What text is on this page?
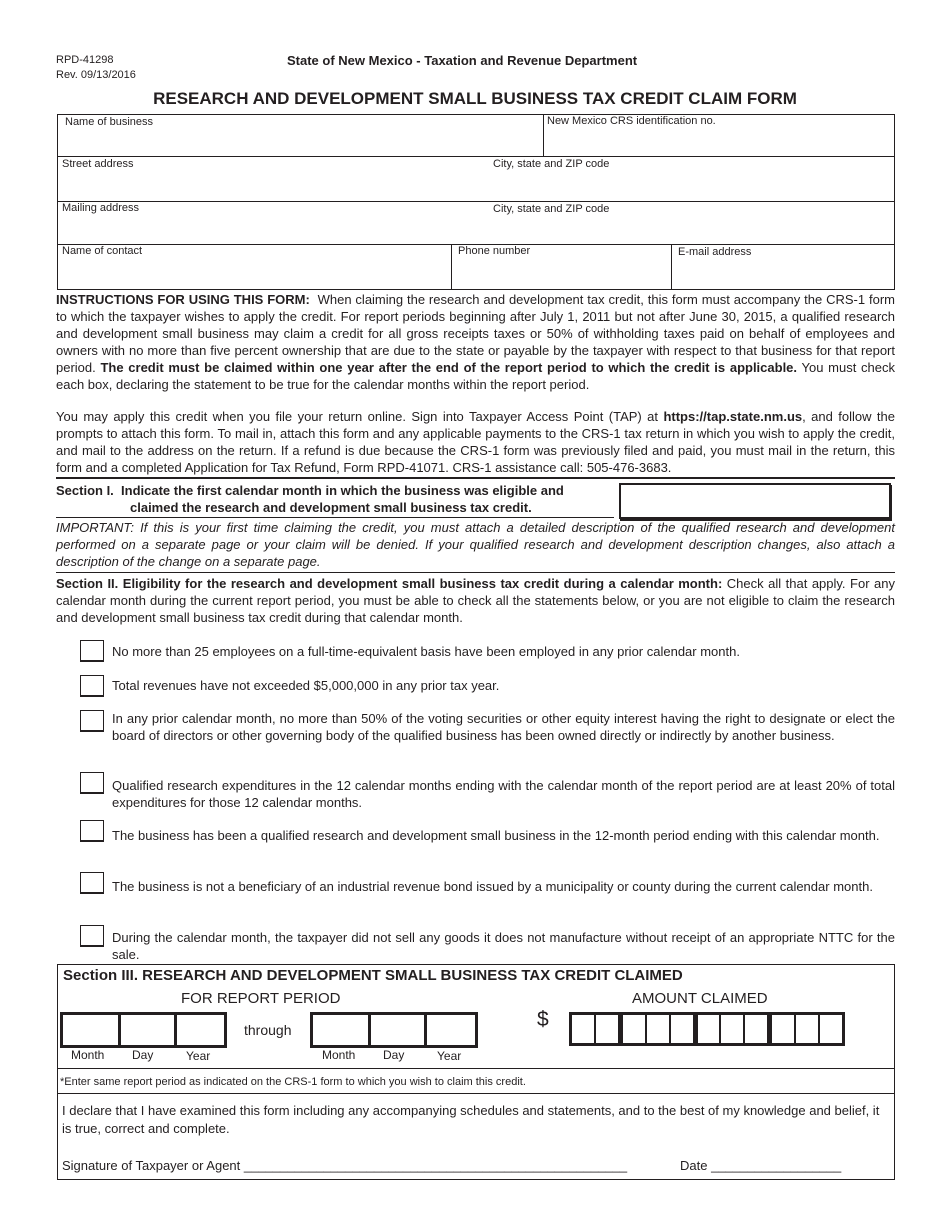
RPD-41298
Rev. 09/13/2016
State of New Mexico - Taxation and Revenue Department
RESEARCH AND DEVELOPMENT SMALL BUSINESS TAX CREDIT CLAIM FORM
Name of business	New Mexico CRS identification no.
Street address	City, state and ZIP code
Mailing address	City, state and ZIP code
Name of contact	Phone number	E-mail address

INSTRUCTIONS FOR USING THIS FORM: When claiming the research and development tax credit, this form must accompany the CRS-1 form to which the taxpayer wishes to apply the credit. For report periods beginning after July 1, 2011 but not after June 30, 2015, a qualified research and development small business may claim a credit for all gross receipts taxes or 50% of withholding taxes paid on behalf of employees and owners with no more than five percent ownership that are due to the state or payable by the taxpayer with respect to that business for that report period. The credit must be claimed within one year after the end of the report period to which the credit is applicable. You must check each box, declaring the statement to be true for the calendar months within the report period.

You may apply this credit when you file your return online. Sign into Taxpayer Access Point (TAP) at https://tap.state.nm.us, and follow the prompts to attach this form. To mail in, attach this form and any applicable payments to the CRS-1 tax return in which you wish to apply the credit, and mail to the address on the return. If a refund is due because the CRS-1 form was previously filed and paid, you must mail in the return, this form and a completed Application for Tax Refund, Form RPD-41071. CRS-1 assistance call: 505-476-3683.

Section I. Indicate the first calendar month in which the business was eligible and
claimed the research and development small business tax credit.

IMPORTANT: If this is your first time claiming the credit, you must attach a detailed description of the qualified research and development performed on a separate page or your claim will be denied. If your qualified research and development description changes, also attach a description of the change on a separate page.

Section II. Eligibility for the research and development small business tax credit during a calendar month: Check all that apply. For any calendar month during the current report period, you must be able to check all the statements below, or you are not eligible to claim the research and development small business tax credit during that calendar month.

No more than 25 employees on a full-time-equivalent basis have been employed in any prior calendar month.

Total revenues have not exceeded $5,000,000 in any prior tax year.

In any prior calendar month, no more than 50% of the voting securities or other equity interest having the right to designate or elect the board of directors or other governing body of the qualified business has been owned directly or indirectly by another business.

Qualified research expenditures in the 12 calendar months ending with the calendar month of the report period are at least 20% of total expenditures for those 12 calendar months.

The business has been a qualified research and development small business in the 12-month period ending with this calendar month.

The business is not a beneficiary of an industrial revenue bond issued by a municipality or county during the current calendar month.

During the calendar month, the taxpayer did not sell any goods it does not manufacture without receipt of an appropriate NTTC for the sale.

Section III. RESEARCH AND DEVELOPMENT SMALL BUSINESS TAX CREDIT CLAIMED
FOR REPORT PERIOD	AMOUNT CLAIMED
through
Month Day	Year	Month Day	Year
$
,	,	.
*Enter same report period as indicated on the CRS-1 form to which you wish to claim this credit.

I declare that I have examined this form including any accompanying schedules and statements, and to the best of my knowledge and belief, it is true, correct and complete.

Signature of Taxpayer or Agent _____________________________________________________	Date __________________
